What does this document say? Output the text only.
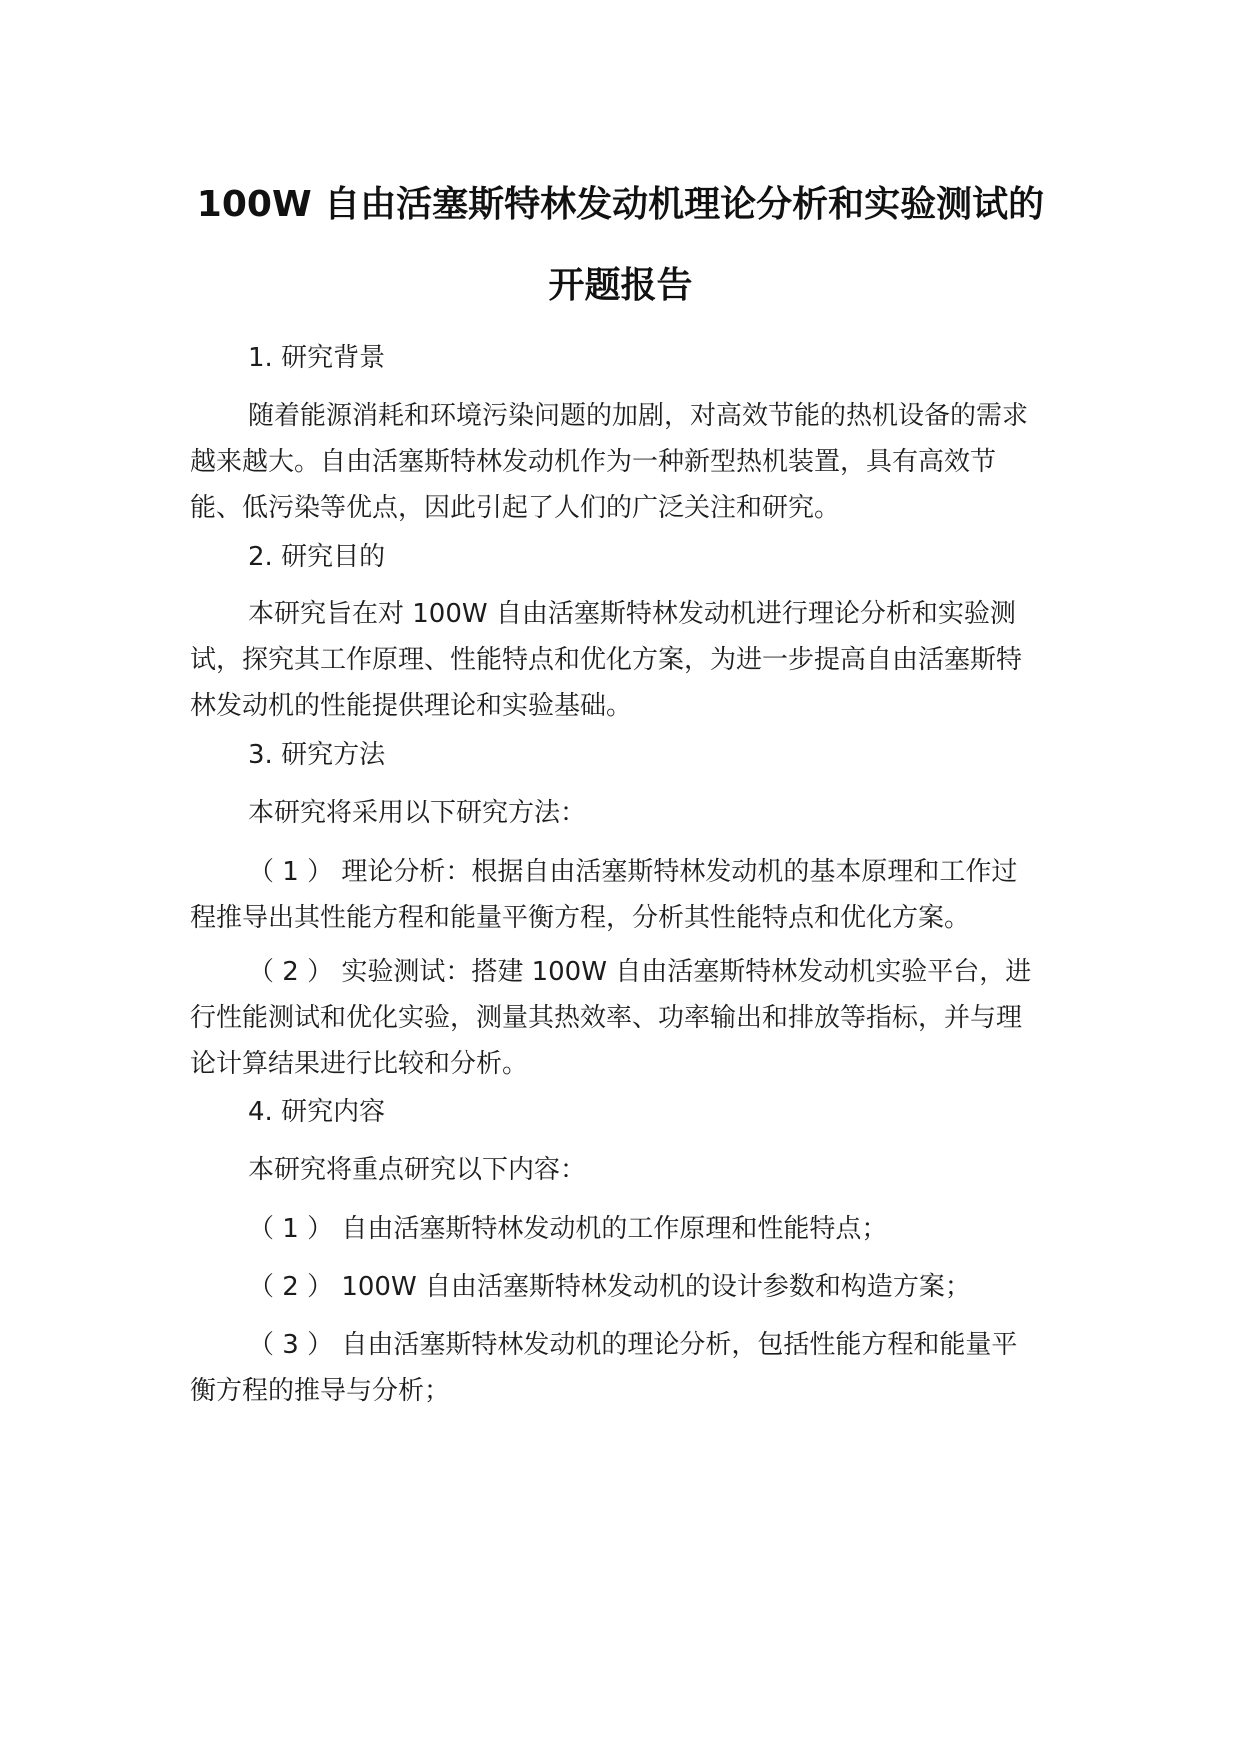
100W 自由活塞斯特林发动机理论分析和实验测试的
开题报告

1. 研究背景

随着能源消耗和环境污染问题的加剧，对高效节能的热机设备的需求越来越大。自由活塞斯特林发动机作为一种新型热机装置，具有高效节能、低污染等优点，因此引起了人们的广泛关注和研究。

2. 研究目的

本研究旨在对 100W 自由活塞斯特林发动机进行理论分析和实验测试，探究其工作原理、性能特点和优化方案，为进一步提高自由活塞斯特林发动机的性能提供理论和实验基础。

3. 研究方法

本研究将采用以下研究方法：

（ 1 ） 理论分析：根据自由活塞斯特林发动机的基本原理和工作过程推导出其性能方程和能量平衡方程，分析其性能特点和优化方案。

（ 2 ） 实验测试：搭建 100W 自由活塞斯特林发动机实验平台，进行性能测试和优化实验，测量其热效率、功率输出和排放等指标，并与理论计算结果进行比较和分析。

4. 研究内容

本研究将重点研究以下内容：

（ 1 ） 自由活塞斯特林发动机的工作原理和性能特点；

（ 2 ） 100W 自由活塞斯特林发动机的设计参数和构造方案；

（ 3 ） 自由活塞斯特林发动机的理论分析，包括性能方程和能量平衡方程的推导与分析；
